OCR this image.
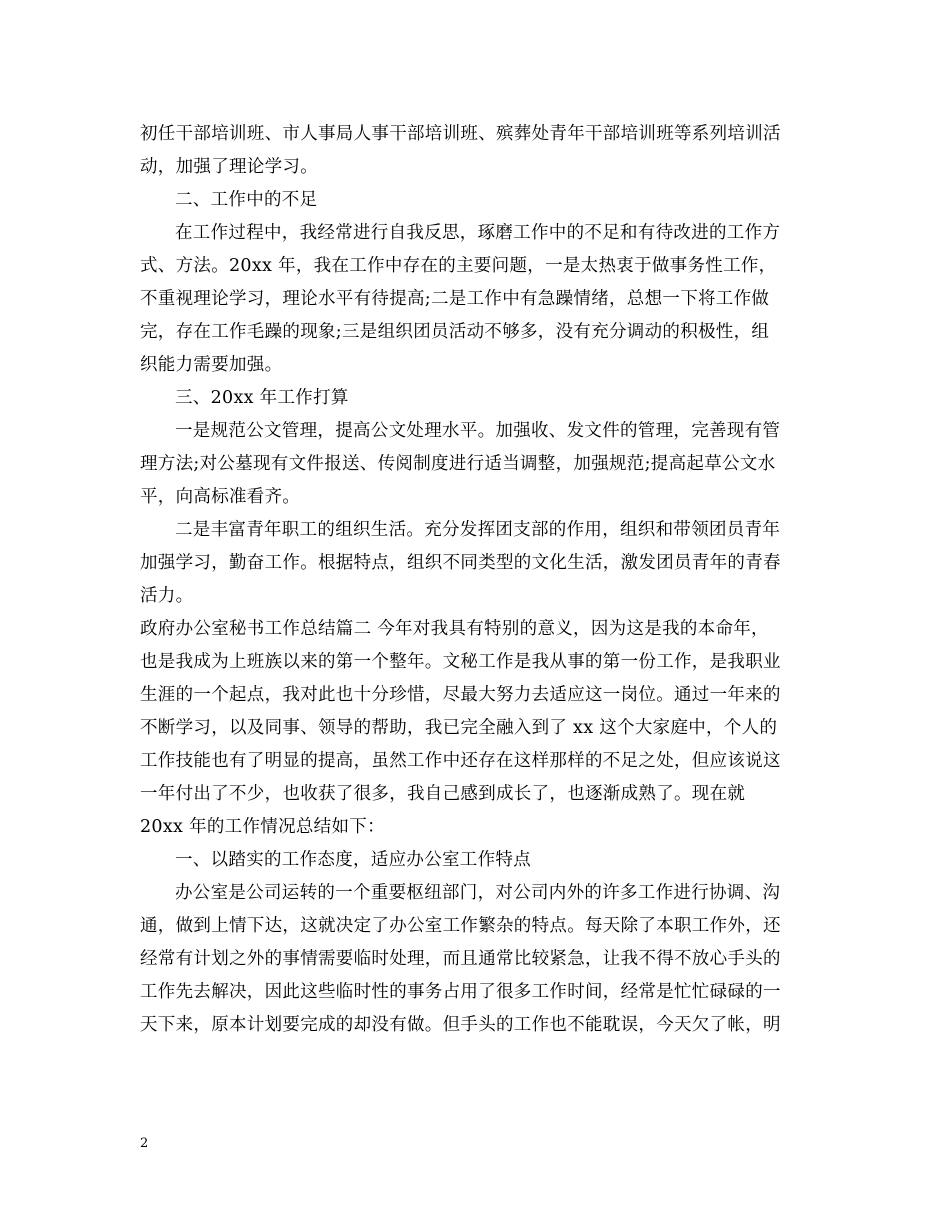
初任干部培训班、市人事局人事干部培训班、殡葬处青年干部培训班等系列培训活
动，加强了理论学习。
二、工作中的不足
在工作过程中，我经常进行自我反思，琢磨工作中的不足和有待改进的工作方
式、方法。20xx 年，我在工作中存在的主要问题，一是太热衷于做事务性工作，
不重视理论学习，理论水平有待提高;二是工作中有急躁情绪，总想一下将工作做
完，存在工作毛躁的现象;三是组织团员活动不够多，没有充分调动的积极性，组
织能力需要加强。
三、20xx 年工作打算
一是规范公文管理，提高公文处理水平。加强收、发文件的管理，完善现有管
理方法;对公墓现有文件报送、传阅制度进行适当调整，加强规范;提高起草公文水
平，向高标准看齐。
二是丰富青年职工的组织生活。充分发挥团支部的作用，组织和带领团员青年
加强学习，勤奋工作。根据特点，组织不同类型的文化生活，激发团员青年的青春
活力。
政府办公室秘书工作总结篇二 今年对我具有特别的意义，因为这是我的本命年，
也是我成为上班族以来的第一个整年。文秘工作是我从事的第一份工作，是我职业
生涯的一个起点，我对此也十分珍惜，尽最大努力去适应这一岗位。通过一年来的
不断学习，以及同事、领导的帮助，我已完全融入到了 xx 这个大家庭中，个人的
工作技能也有了明显的提高，虽然工作中还存在这样那样的不足之处，但应该说这
一年付出了不少，也收获了很多，我自己感到成长了，也逐渐成熟了。现在就
20xx 年的工作情况总结如下：
一、以踏实的工作态度，适应办公室工作特点
办公室是公司运转的一个重要枢纽部门，对公司内外的许多工作进行协调、沟
通，做到上情下达，这就决定了办公室工作繁杂的特点。每天除了本职工作外，还
经常有计划之外的事情需要临时处理，而且通常比较紧急，让我不得不放心手头的
工作先去解决，因此这些临时性的事务占用了很多工作时间，经常是忙忙碌碌的一
天下来，原本计划要完成的却没有做。但手头的工作也不能耽误，今天欠了帐，明
2
